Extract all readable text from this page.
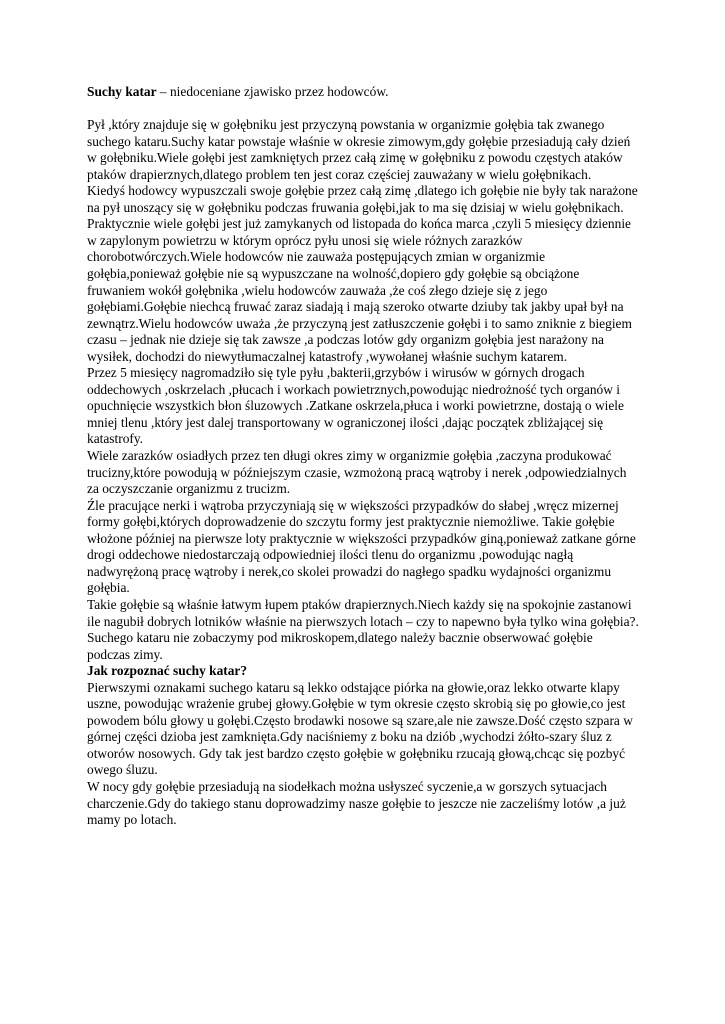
Suchy katar – niedoceniane zjawisko przez hodowców.

Pył ,który znajduje się w gołębniku jest przyczyną powstania w organizmie gołębia tak zwanego suchego kataru.Suchy katar powstaje właśnie w okresie zimowym,gdy gołębie przesiadują cały dzień w gołębniku.Wiele gołębi jest zamkniętych przez całą zimę w gołębniku z powodu częstych ataków ptaków drapierznych,dlatego problem ten jest coraz częściej zauważany w wielu gołębnikach.

Kiedyś hodowcy wypuszczali swoje gołębie przez całą zimę ,dlatego ich gołębie nie były tak narażone na pył unoszący się w gołębniku podczas fruwania gołębi,jak to ma się dzisiaj w wielu gołębnikach.

Praktycznie wiele gołębi jest już zamykanych od listopada do końca marca ,czyli 5 miesięcy dziennie w zapylonym powietrzu w którym oprócz pyłu unosi się wiele różnych zarazków chorobotwórczych.Wiele hodowców nie zauważa postępujących zmian w organizmie gołębia,ponieważ gołębie nie są wypuszczane na wolność,dopiero gdy gołębie są obciążone fruwaniem wokół gołębnika ,wielu hodowców zauważa ,że coś złego dzieje się z jego gołębiami.Gołębie niechcą fruwać zaraz siadają i mają szeroko otwarte dziuby tak jakby upał był na zewnątrz.Wielu hodowców uważa ,że przyczyną jest zatłuszczenie gołębi i to samo zniknie z biegiem czasu – jednak nie dzieje się tak zawsze ,a podczas lotów gdy organizm gołębia jest narażony na wysiłek, dochodzi do niewytłumaczalnej katastrofy ,wywołanej właśnie suchym katarem.

Przez 5 miesięcy nagromadziło się tyle pyłu ,bakterii,grzybów i wirusów w górnych drogach oddechowych ,oskrzelach ,płucach i workach powietrznych,powodując niedrożność tych organów i opuchnięcie wszystkich błon śluzowych .Zatkane oskrzela,płuca i worki powietrzne, dostają o wiele mniej tlenu ,który jest dalej transportowany w ograniczonej ilości ,dając początek zbliżającej się katastrofy.

Wiele zarazków osiadłych przez ten długi okres zimy w organizmie gołębia ,zaczyna produkować trucizny,które powodują w późniejszym czasie, wzmożoną pracą wątroby i nerek ,odpowiedzialnych za oczyszczanie organizmu z trucizm.

Źle pracujące nerki i wątroba przyczyniają się w większości przypadków do słabej ,wręcz mizernej formy gołębi,których doprowadzenie do szczytu formy jest praktycznie niemożliwe. Takie gołębie włożone później na pierwsze loty praktycznie w większości przypadków giną,ponieważ zatkane górne drogi oddechowe niedostarczają odpowiedniej ilości tlenu do organizmu ,powodując nagłą nadwyrężoną pracę wątroby i nerek,co skolei prowadzi do nagłego spadku wydajności organizmu gołębia.

Takie gołębie są właśnie łatwym łupem ptaków drapierznych.Niech każdy się na spokojnie zastanowi ile nagubił dobrych lotników właśnie na pierwszych lotach – czy to napewno była tylko wina gołębia?.

Suchego kataru nie zobaczymy pod mikroskopem,dlatego należy bacznie obserwować gołębie podczas zimy.

Jak rozpoznać suchy katar?

Pierwszymi oznakami suchego kataru są lekko odstające piórka na głowie,oraz lekko otwarte klapy uszne, powodując wrażenie grubej głowy.Gołębie w tym okresie często skrobią się po głowie,co jest powodem bólu głowy u gołębi.Często brodawki nosowe są szare,ale nie zawsze.Dość często szpara w górnej części dzioba jest zamknięta.Gdy naciśniemy z boku na dziób ,wychodzi żółto-szary śluz z otworów nosowych. Gdy tak jest bardzo często gołębie w gołębniku rzucają głową,chcąc się pozbyć owego śluzu.

W nocy gdy gołębie przesiadują na siodełkach można usłyszeć syczenie,a w gorszych sytuacjach charczenie.Gdy do takiego stanu doprowadzimy nasze gołębie to jeszcze nie zaczeliśmy lotów ,a już mamy po lotach.
